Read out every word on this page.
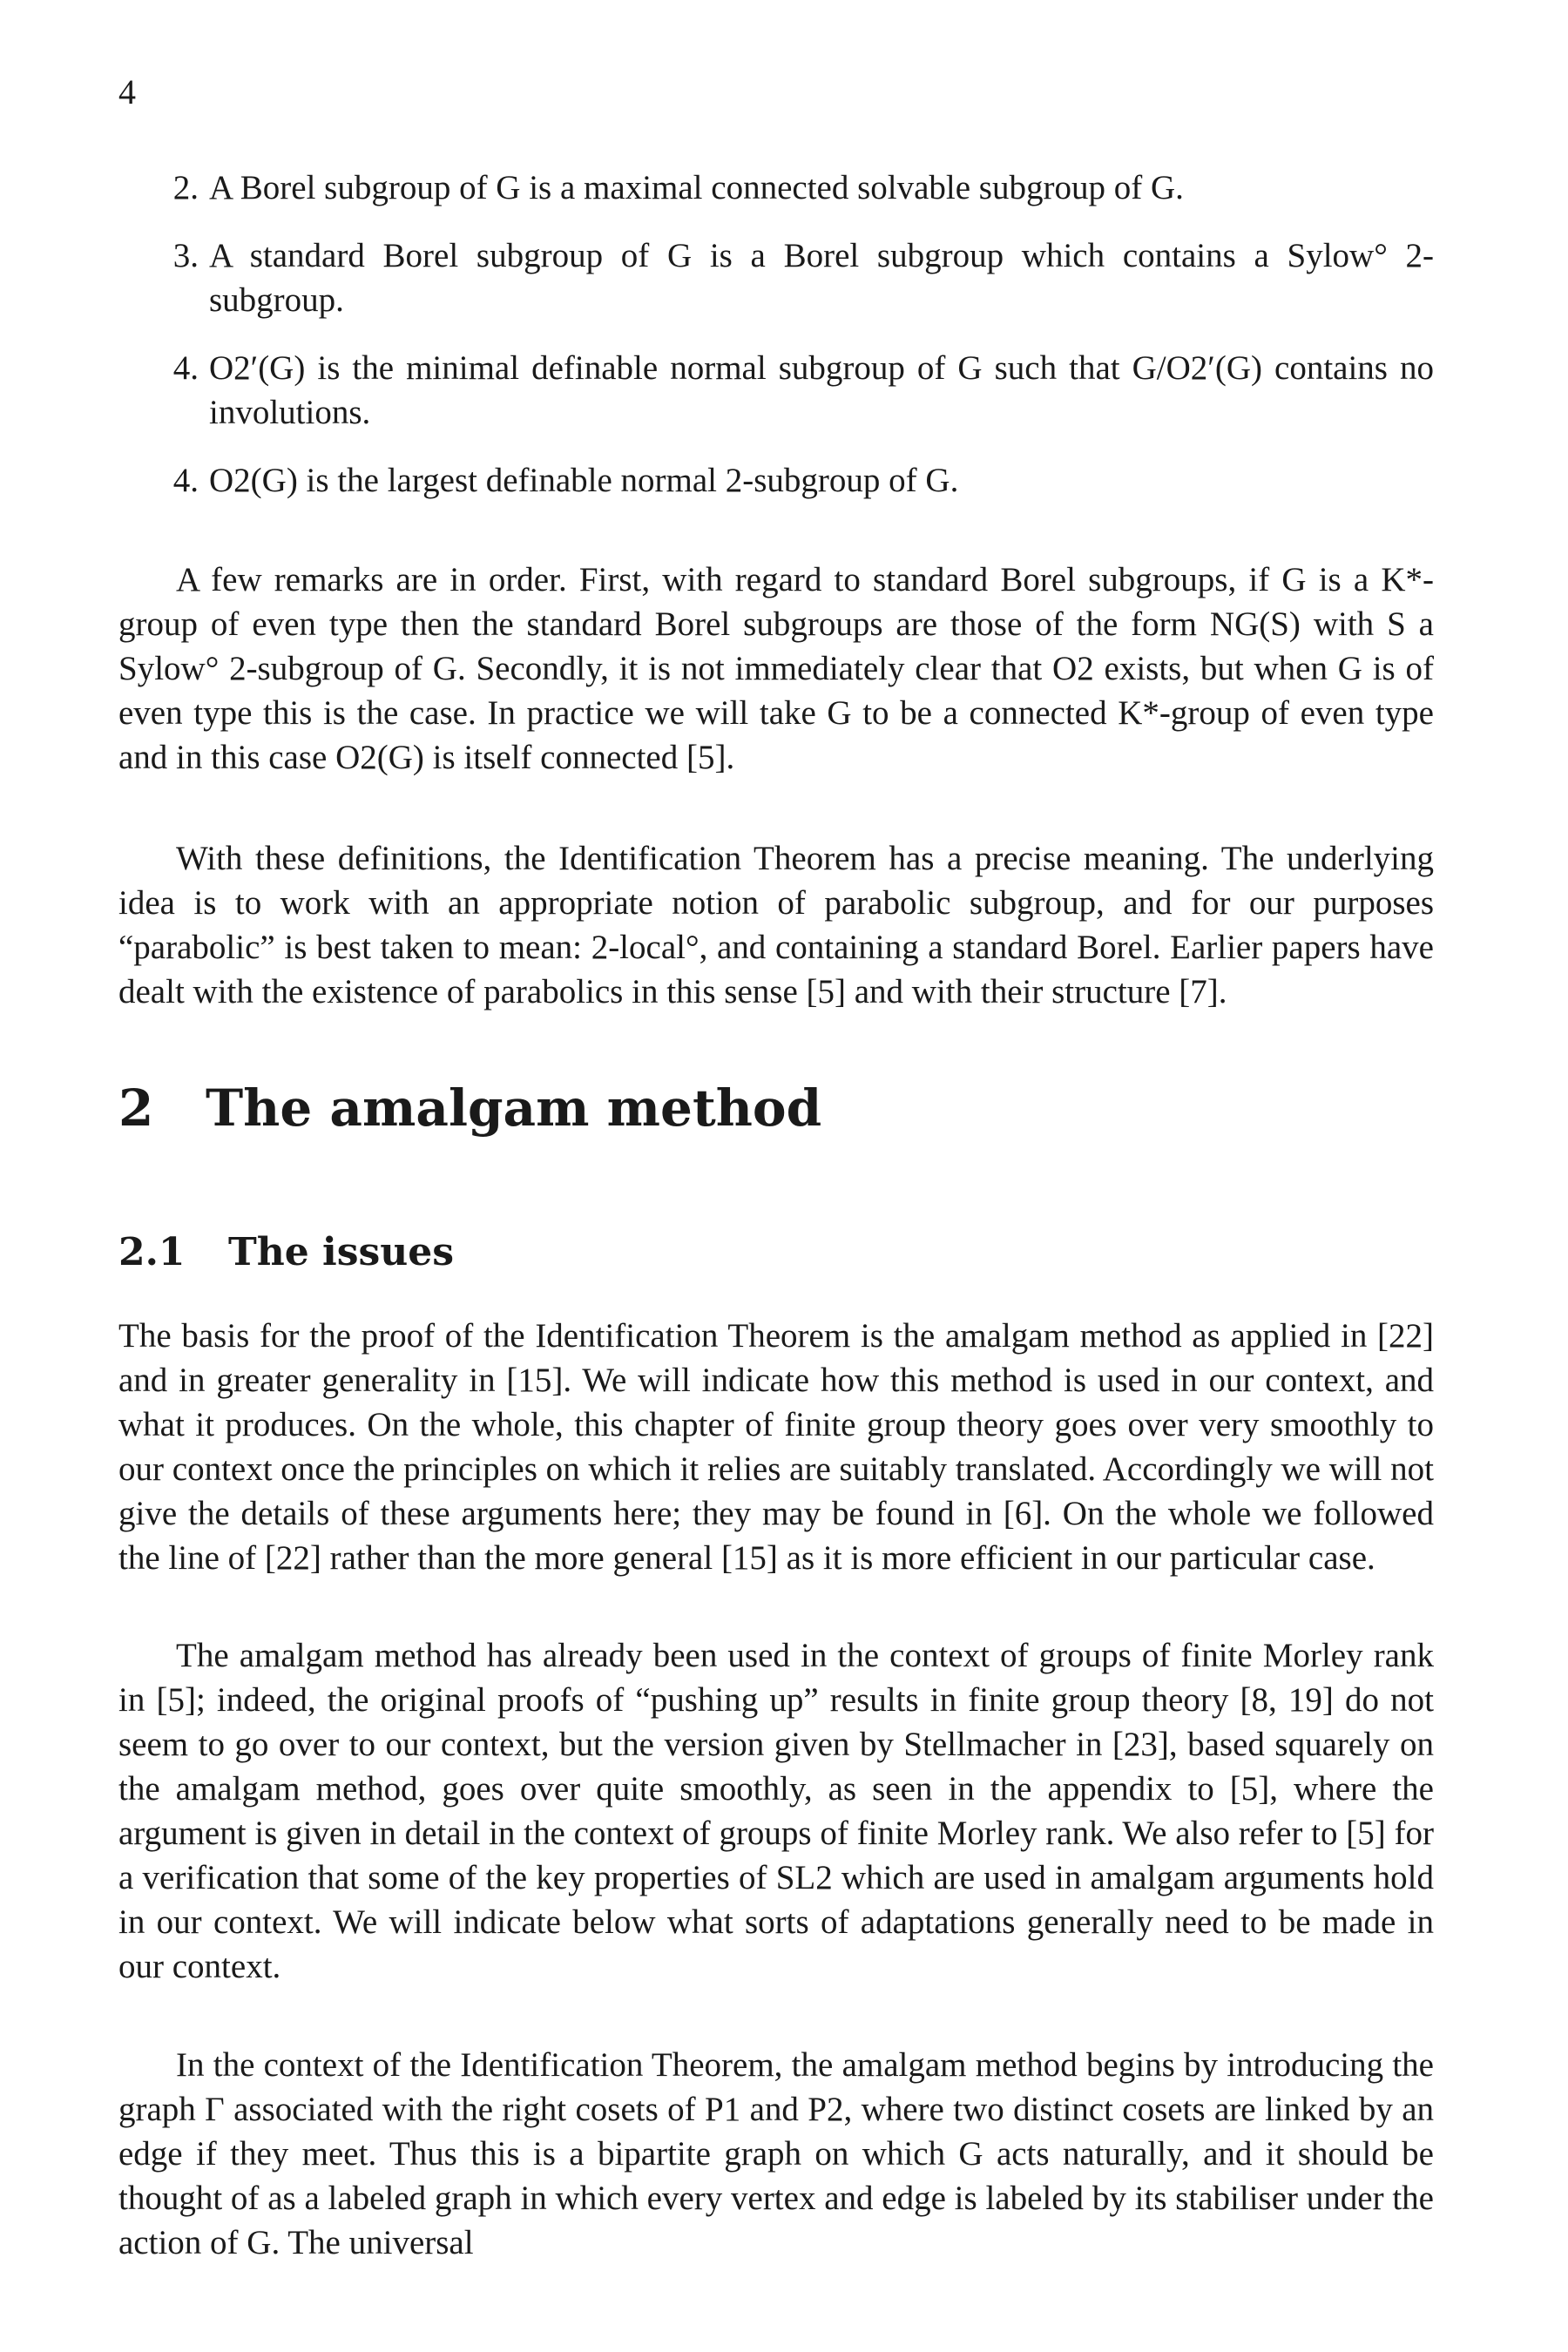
4
2. A Borel subgroup of G is a maximal connected solvable subgroup of G.
3. A standard Borel subgroup of G is a Borel subgroup which contains a Sylow° 2-subgroup.
4. O2′(G) is the minimal definable normal subgroup of G such that G/O2′(G) contains no involutions.
4. O2(G) is the largest definable normal 2-subgroup of G.

A few remarks are in order. First, with regard to standard Borel subgroups, if G is a K*-group of even type then the standard Borel subgroups are those of the form NG(S) with S a Sylow° 2-subgroup of G. Secondly, it is not immediately clear that O2 exists, but when G is of even type this is the case. In practice we will take G to be a connected K*-group of even type and in this case O2(G) is itself connected [5].

With these definitions, the Identification Theorem has a precise meaning. The underlying idea is to work with an appropriate notion of parabolic subgroup, and for our purposes “parabolic” is best taken to mean: 2-local°, and containing a standard Borel. Earlier papers have dealt with the existence of parabolics in this sense [5] and with their structure [7].

2 The amalgam method
2.1 The issues

The basis for the proof of the Identification Theorem is the amalgam method as applied in [22] and in greater generality in [15]. We will indicate how this method is used in our context, and what it produces. On the whole, this chapter of finite group theory goes over very smoothly to our context once the principles on which it relies are suitably translated. Accordingly we will not give the details of these arguments here; they may be found in [6]. On the whole we followed the line of [22] rather than the more general [15] as it is more efficient in our particular case.

The amalgam method has already been used in the context of groups of finite Morley rank in [5]; indeed, the original proofs of “pushing up” results in finite group theory [8, 19] do not seem to go over to our context, but the version given by Stellmacher in [23], based squarely on the amalgam method, goes over quite smoothly, as seen in the appendix to [5], where the argument is given in detail in the context of groups of finite Morley rank. We also refer to [5] for a verification that some of the key properties of SL2 which are used in amalgam arguments hold in our context. We will indicate below what sorts of adaptations generally need to be made in our context.

In the context of the Identification Theorem, the amalgam method begins by introducing the graph Γ associated with the right cosets of P1 and P2, where two distinct cosets are linked by an edge if they meet. Thus this is a bipartite graph on which G acts naturally, and it should be thought of as a labeled graph in which every vertex and edge is labeled by its stabiliser under the action of G. The universal
